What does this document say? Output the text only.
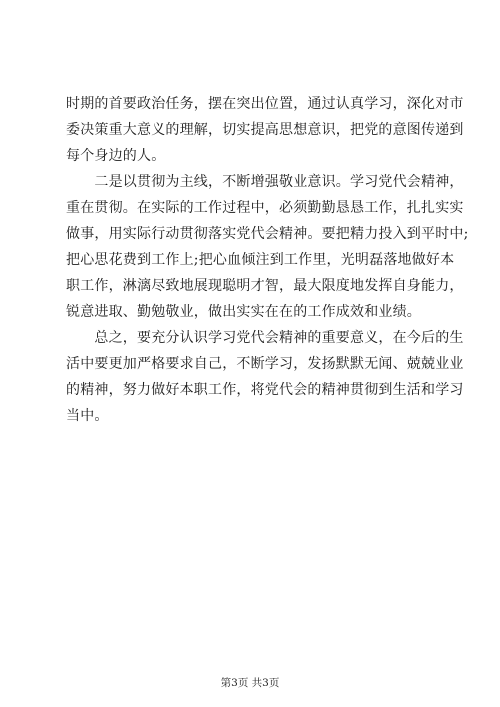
时期的首要政治任务，摆在突出位置，通过认真学习，深化对市
委决策重大意义的理解，切实提高思想意识，把党的意图传递到
每个身边的人。
　　二是以贯彻为主线，不断增强敬业意识。学习党代会精神，
重在贯彻。在实际的工作过程中，必须勤勤恳恳工作，扎扎实实
做事，用实际行动贯彻落实党代会精神。要把精力投入到平时中;
把心思花费到工作上;把心血倾注到工作里，光明磊落地做好本
职工作，淋漓尽致地展现聪明才智，最大限度地发挥自身能力，
锐意进取、勤勉敬业，做出实实在在的工作成效和业绩。
　　总之，要充分认识学习党代会精神的重要意义，在今后的生
活中要更加严格要求自己，不断学习，发扬默默无闻、兢兢业业
的精神，努力做好本职工作，将党代会的精神贯彻到生活和学习
当中。
第3页 共3页
